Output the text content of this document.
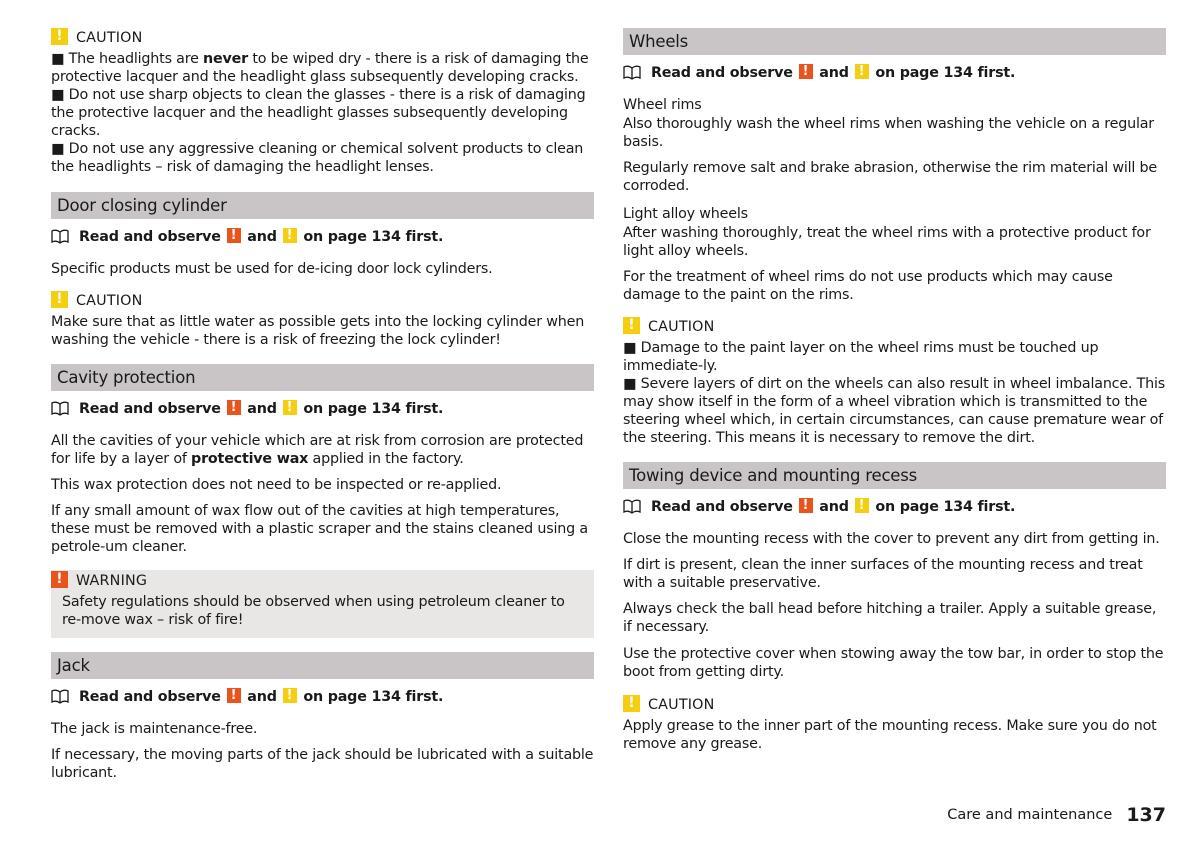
!CAUTION

■ The headlights are never to be wiped dry - there is a risk of damaging the protective lacquer and the headlight glass subsequently developing cracks.

■ Do not use sharp objects to clean the glasses - there is a risk of damaging the protective lacquer and the headlight glasses subsequently developing cracks.

■ Do not use any aggressive cleaning or chemical solvent products to clean the headlights – risk of damaging the headlight lenses.

Door closing cylinder
Read and observe ! and ! on page 134 first.

Specific products must be used for de-icing door lock cylinders.

!CAUTION

Make sure that as little water as possible gets into the locking cylinder when washing the vehicle - there is a risk of freezing the lock cylinder!

Cavity protection
Read and observe ! and ! on page 134 first.

All the cavities of your vehicle which are at risk from corrosion are protected for life by a layer of protective wax applied in the factory.

This wax protection does not need to be inspected or re-applied.

If any small amount of wax flow out of the cavities at high temperatures, these must be removed with a plastic scraper and the stains cleaned using a petrole-um cleaner.

!WARNING

Safety regulations should be observed when using petroleum cleaner to re-move wax – risk of fire!

Jack
Read and observe ! and ! on page 134 first.

The jack is maintenance-free.

If necessary, the moving parts of the jack should be lubricated with a suitable lubricant.

Wheels
Read and observe ! and ! on page 134 first.

Wheel rims

Also thoroughly wash the wheel rims when washing the vehicle on a regular basis.

Regularly remove salt and brake abrasion, otherwise the rim material will be corroded.

Light alloy wheels

After washing thoroughly, treat the wheel rims with a protective product for light alloy wheels.

For the treatment of wheel rims do not use products which may cause damage to the paint on the rims.

!CAUTION

■ Damage to the paint layer on the wheel rims must be touched up immediate-ly.

■ Severe layers of dirt on the wheels can also result in wheel imbalance. This may show itself in the form of a wheel vibration which is transmitted to the steering wheel which, in certain circumstances, can cause premature wear of the steering. This means it is necessary to remove the dirt.

Towing device and mounting recess
Read and observe ! and ! on page 134 first.

Close the mounting recess with the cover to prevent any dirt from getting in.

If dirt is present, clean the inner surfaces of the mounting recess and treat with a suitable preservative.

Always check the ball head before hitching a trailer. Apply a suitable grease, if necessary.

Use the protective cover when stowing away the tow bar, in order to stop the boot from getting dirty.

!CAUTION

Apply grease to the inner part of the mounting recess. Make sure you do not remove any grease.

Care and maintenance 137
